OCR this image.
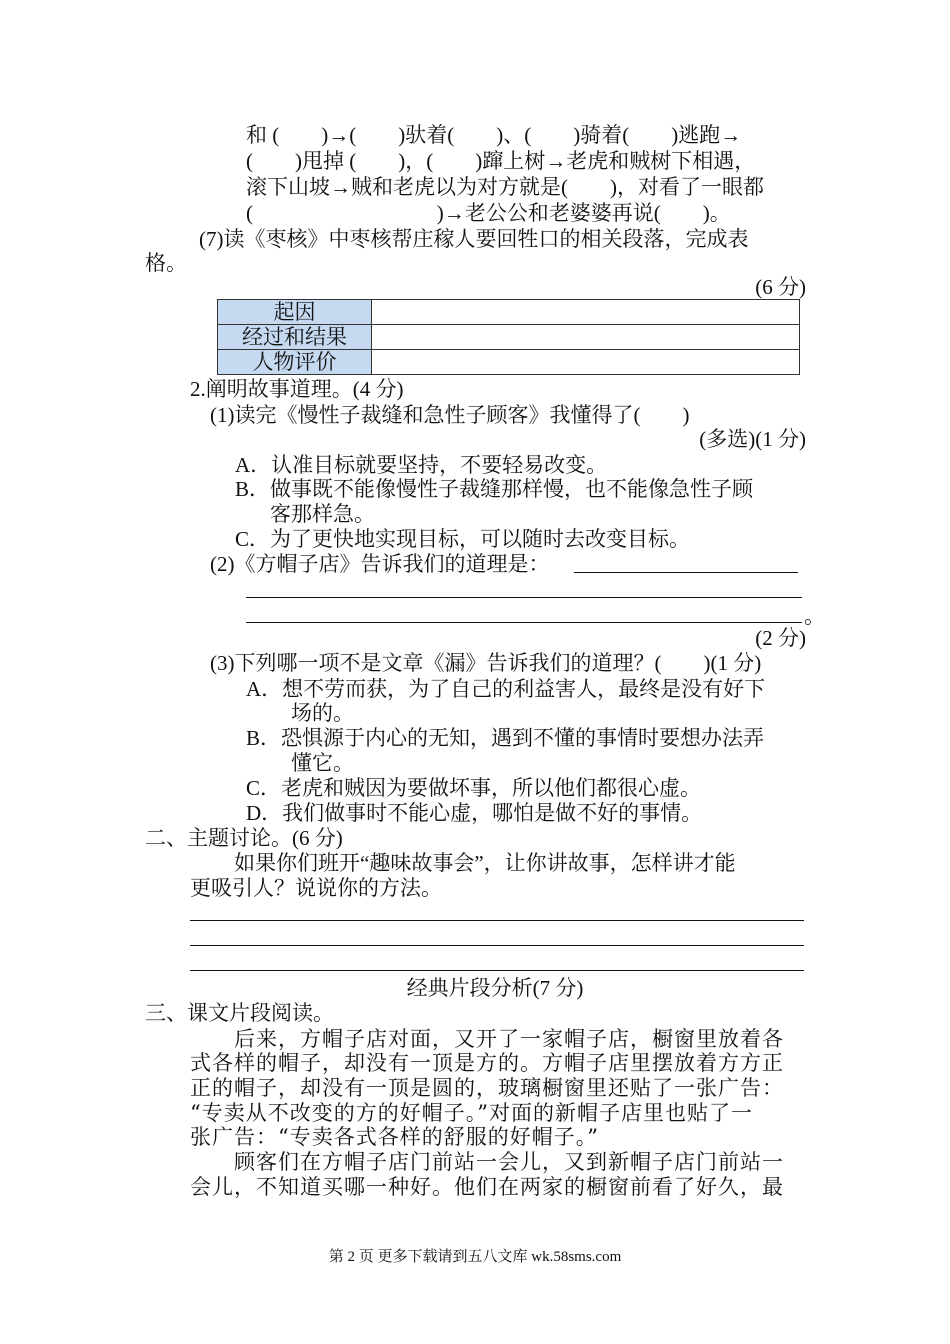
和 (        )→(        )驮着(        )、(        )骑着(        )逃跑→
(        )甩掉 (        )，(        )蹿上树→老虎和贼树下相遇，
滚下山坡→贼和老虎以为对方就是(        )，对看了一眼都
(                                   )→老公公和老婆婆再说(        )。
(7)读《枣核》中枣核帮庄稼人要回牲口的相关段落，完成表
格。
(6 分)
起因	
经过和结果	
人物评价	
2.阐明故事道理。(4 分)
(1)读完《慢性子裁缝和急性子顾客》我懂得了(        )
(多选)(1 分)
A．认准目标就要坚持，不要轻易改变。
B．做事既不能像慢性子裁缝那样慢，也不能像急性子顾
客那样急。
C．为了更快地实现目标，可以随时去改变目标。
(2)《方帽子店》告诉我们的道理是：
。
(2 分)
(3)下列哪一项不是文章《漏》告诉我们的道理？(        )(1 分)
A．想不劳而获，为了自己的利益害人，最终是没有好下
场的。
B．恐惧源于内心的无知，遇到不懂的事情时要想办法弄
懂它。
C．老虎和贼因为要做坏事，所以他们都很心虚。
D．我们做事时不能心虚，哪怕是做不好的事情。
二、主题讨论。(6 分)
如果你们班开“趣味故事会”，让你讲故事，怎样讲才能
更吸引人？说说你的方法。
经典片段分析(7 分)
三、课文片段阅读。
后来，方帽子店对面，又开了一家帽子店，橱窗里放着各
式各样的帽子，却没有一顶是方的。方帽子店里摆放着方方正
正的帽子，却没有一顶是圆的，玻璃橱窗里还贴了一张广告：
“专卖从不改变的方的好帽子。”对面的新帽子店里也贴了一
张广告：“专卖各式各样的舒服的好帽子。”
顾客们在方帽子店门前站一会儿，又到新帽子店门前站一
会儿，不知道买哪一种好。他们在两家的橱窗前看了好久，最
第 2 页 更多下载请到五八文库 wk.58sms.com
